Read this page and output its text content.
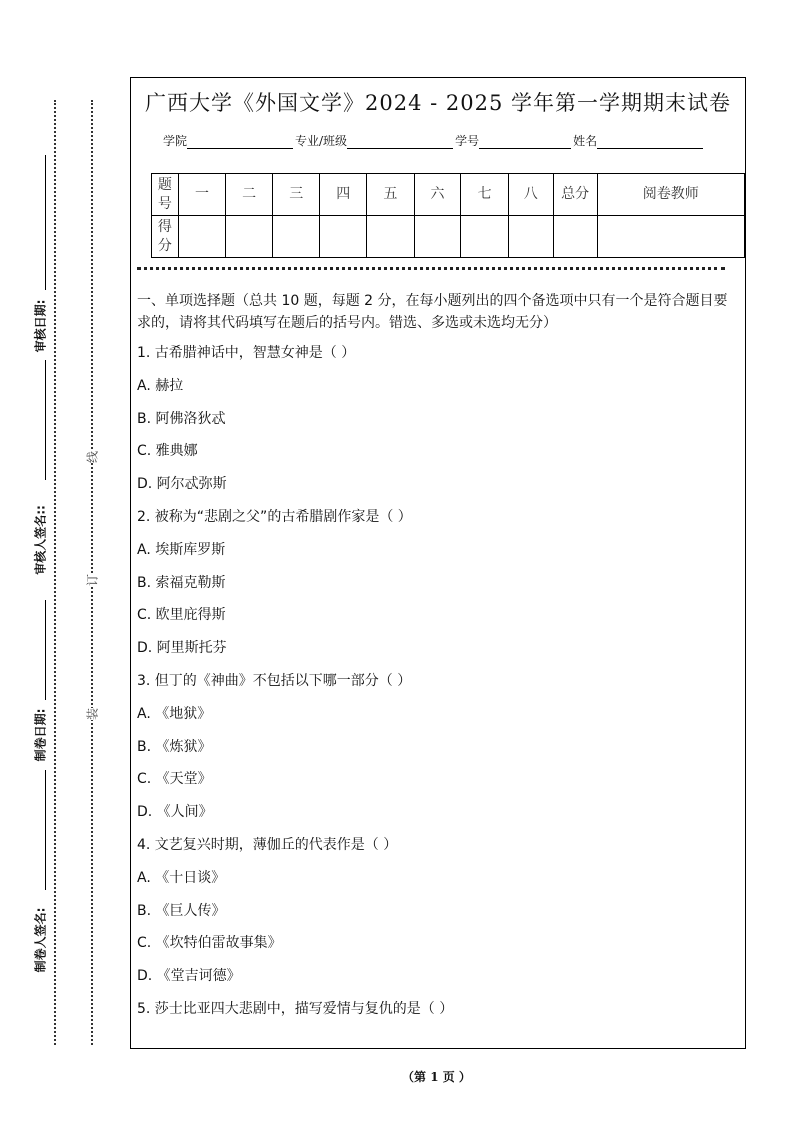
审核日期:
审核人签名::
制卷日期:
制卷人签名:
线
订
装
广西大学《外国文学》2024 - 2025 学年第一学期期末试卷
学院	专业/班级	学号	姓名
题号	一	二	三	四	五	六	七	八	总分	阅卷教师
得分										
一、单项选择题（总共 10 题，每题 2 分，在每小题列出的四个备选项中只有一个是符合题目要求的，请将其代码填写在题后的括号内。错选、多选或未选均无分）
1. 古希腊神话中，智慧女神是（ ）
A. 赫拉
B. 阿佛洛狄忒
C. 雅典娜
D. 阿尔忒弥斯
2. 被称为“悲剧之父”的古希腊剧作家是（ ）
A. 埃斯库罗斯
B. 索福克勒斯
C. 欧里庇得斯
D. 阿里斯托芬
3. 但丁的《神曲》不包括以下哪一部分（ ）
A. 《地狱》
B. 《炼狱》
C. 《天堂》
D. 《人间》
4. 文艺复兴时期，薄伽丘的代表作是（ ）
A. 《十日谈》
B. 《巨人传》
C. 《坎特伯雷故事集》
D. 《堂吉诃德》
5. 莎士比亚四大悲剧中，描写爱情与复仇的是（ ）
（第 1 页 ）
